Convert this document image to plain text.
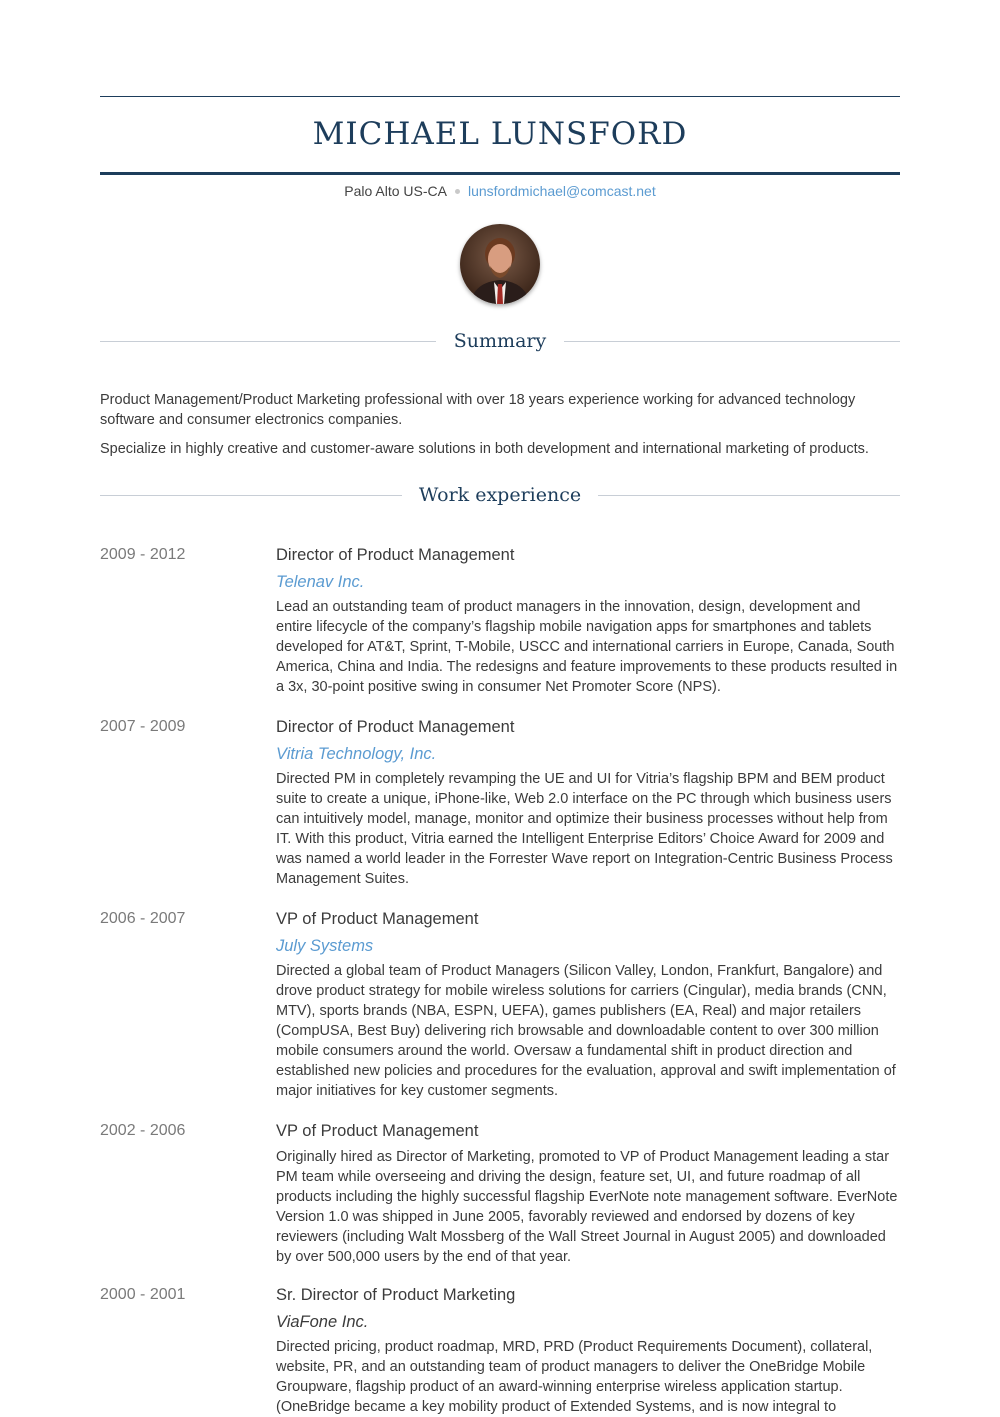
MICHAEL LUNSFORD
Palo Alto US-CA lunsfordmichael@comcast.net
Summary

Product Management/Product Marketing professional with over 18 years experience working for advanced technology software and consumer electronics companies.

Specialize in highly creative and customer-aware solutions in both development and international marketing of products.

Work experience
2009 - 2012	Director of Product Management
Telenav Inc.
Lead an outstanding team of product managers in the innovation, design, development and entire lifecycle of the company’s flagship mobile navigation apps for smartphones and tablets developed for AT&T, Sprint, T-Mobile, USCC and international carriers in Europe, Canada, South America, China and India. The redesigns and feature improvements to these products resulted in a 3x, 30-point positive swing in consumer Net Promoter Score (NPS).
2007 - 2009	Director of Product Management
Vitria Technology, Inc.
Directed PM in completely revamping the UE and UI for Vitria’s flagship BPM and BEM product suite to create a unique, iPhone-like, Web 2.0 interface on the PC through which business users can intuitively model, manage, monitor and optimize their business processes without help from IT. With this product, Vitria earned the Intelligent Enterprise Editors’ Choice Award for 2009 and was named a world leader in the Forrester Wave report on Integration-Centric Business Process Management Suites.
2006 - 2007	VP of Product Management
July Systems
Directed a global team of Product Managers (Silicon Valley, London, Frankfurt, Bangalore) and drove product strategy for mobile wireless solutions for carriers (Cingular), media brands (CNN, MTV), sports brands (NBA, ESPN, UEFA), games publishers (EA, Real) and major retailers (CompUSA, Best Buy) delivering rich browsable and downloadable content to over 300 million mobile consumers around the world. Oversaw a fundamental shift in product direction and established new policies and procedures for the evaluation, approval and swift implementation of major initiatives for key customer segments.
2002 - 2006	VP of Product Management
Originally hired as Director of Marketing, promoted to VP of Product Management leading a star PM team while overseeing and driving the design, feature set, UI, and future roadmap of all products including the highly successful flagship EverNote note management software. EverNote Version 1.0 was shipped in June 2005, favorably reviewed and endorsed by dozens of key reviewers (including Walt Mossberg of the Wall Street Journal in August 2005) and downloaded by over 500,000 users by the end of that year.
2000 - 2001	Sr. Director of Product Marketing
ViaFone Inc.
Directed pricing, product roadmap, MRD, PRD (Product Requirements Document), collateral, website, PR, and an outstanding team of product managers to deliver the OneBridge Mobile Groupware, flagship product of an award-winning enterprise wireless application startup. (OneBridge became a key mobility product of Extended Systems, and is now integral to
